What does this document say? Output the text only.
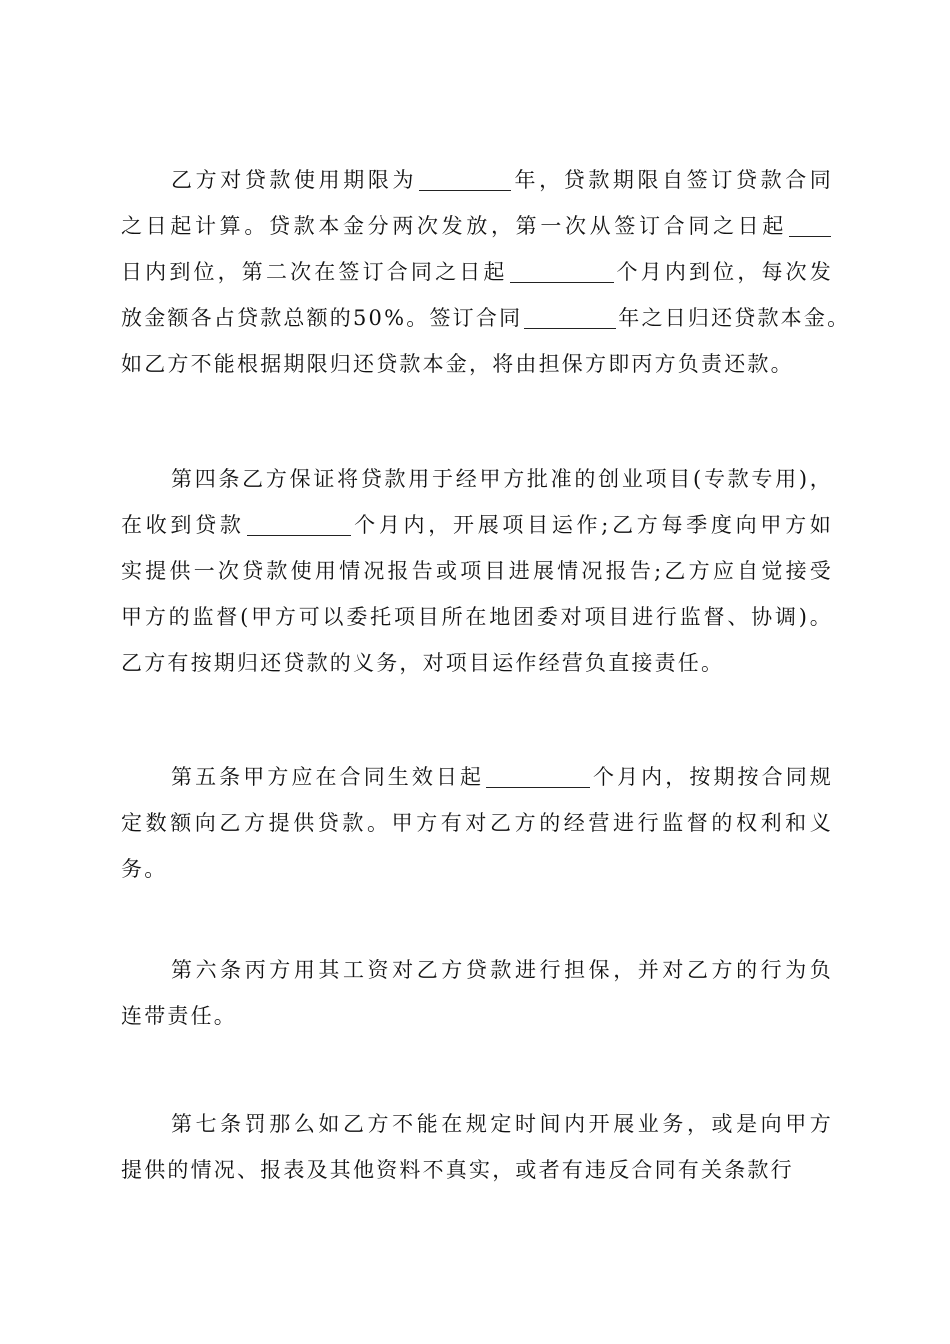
乙方对贷款使用期限为	年，贷款期限自签订贷款合同
之日起计算。贷款本金分两次发放，第一次从签订合同之日起
日内到位，第二次在签订合同之日起	个月内到位，每次发
放金额各占贷款总额的50%。签订合同	年之日归还贷款本金。
如乙方不能根据期限归还贷款本金，将由担保方即丙方负责还款。
第四条乙方保证将贷款用于经甲方批准的创业项目(专款专用)，
在收到贷款	个月内，开展项目运作;乙方每季度向甲方如
实提供一次贷款使用情况报告或项目进展情况报告;乙方应自觉接受
甲方的监督(甲方可以委托项目所在地团委对项目进行监督、协调)。
乙方有按期归还贷款的义务，对项目运作经营负直接责任。
第五条甲方应在合同生效日起	个月内，按期按合同规
定数额向乙方提供贷款。甲方有对乙方的经营进行监督的权利和义
务。
第六条丙方用其工资对乙方贷款进行担保，并对乙方的行为负
连带责任。
第七条罚那么如乙方不能在规定时间内开展业务，或是向甲方
提供的情况、报表及其他资料不真实，或者有违反合同有关条款行
